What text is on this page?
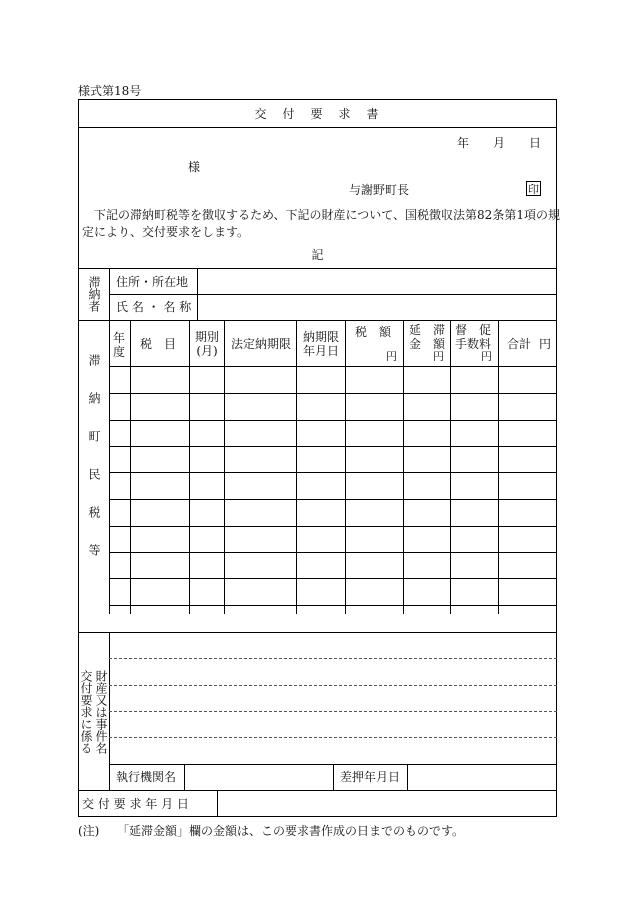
様式第18号
交　付　要　求　書
年　　月　　日
様
与謝野町長	印
　下記の滞納町税等を徴収するため、下記の財産について、国税徴収法第82条第1項の規
定により、交付要求をします。
記
滞納者 住所・所在地
氏 名 ・ 名 称
滞納町民税等
年度
税　目 期別(月) 法定納期限 納期限年月日
税　額
円
延　滞金　額
円
督　促手数料
円
合計 円
交付要求に係る 財産又は事件名
執行機関名	差押年月日
交 付 要 求 年 月 日
(注) 「延滞金額」欄の金額は、この要求書作成の日までのものです。
